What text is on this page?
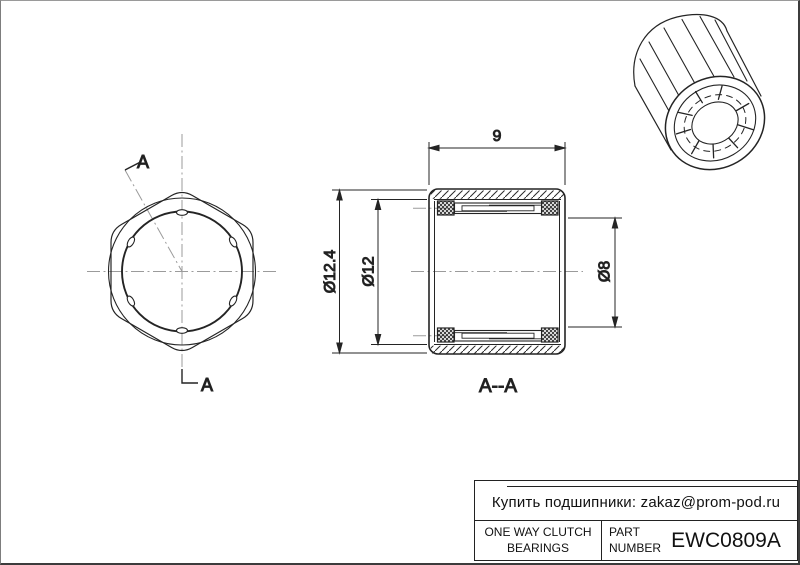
A
A
9
Ø12.4 Ø12	Ø8
A--A
Купить подшипники: zakaz@prom-pod.ru
ONE WAY CLUTCH
BEARINGS
PART
NUMBER EWC0809A
